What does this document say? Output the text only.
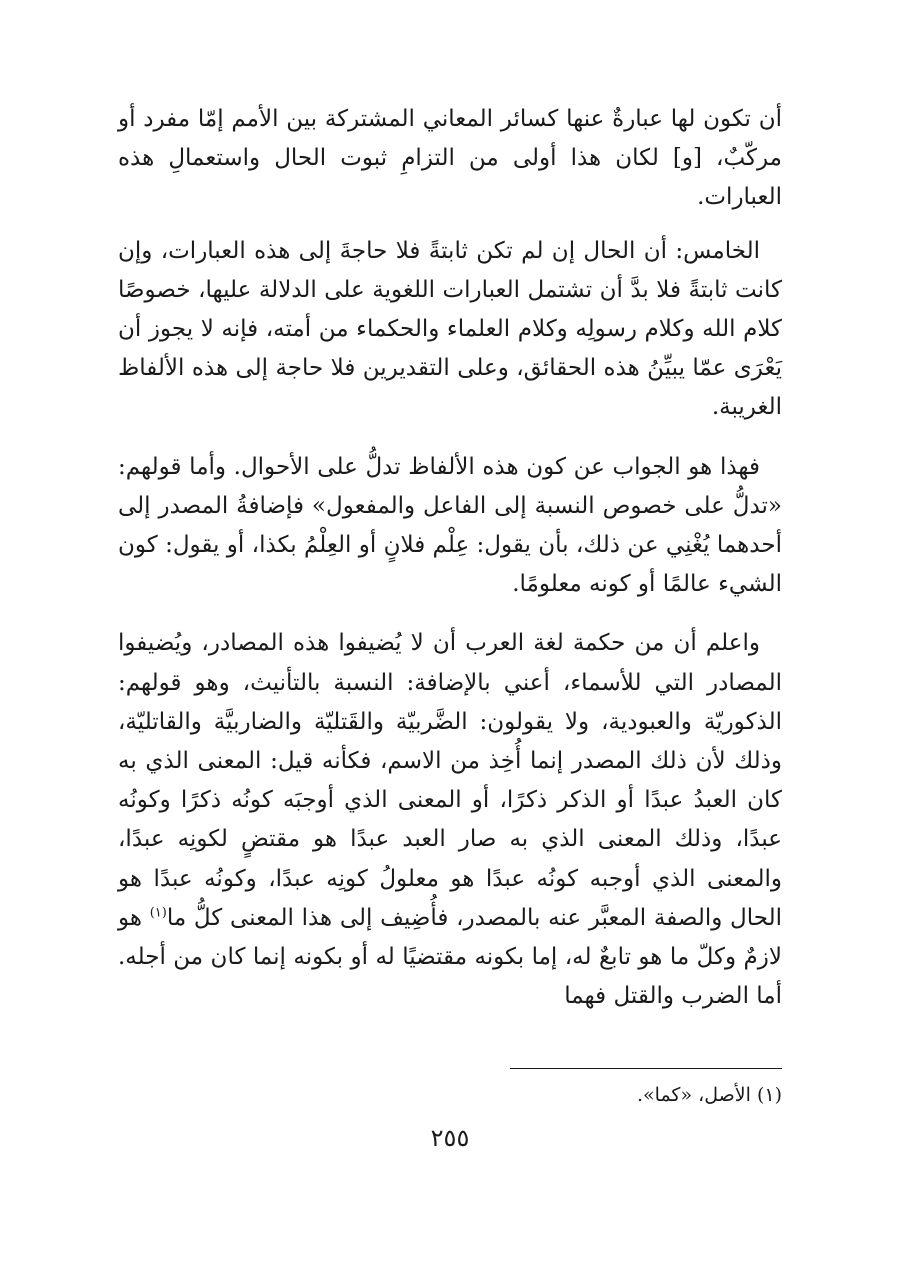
أن تكون لها عبارةٌ عنها كسائر المعاني المشتركة بين الأمم إمّا مفرد أو مركّبٌ، [و] لكان هذا أولى من التزامِ ثبوت الحال واستعمالِ هذه العبارات.

الخامس: أن الحال إن لم تكن ثابتةً فلا حاجةَ إلى هذه العبارات، وإن كانت ثابتةً فلا بدَّ أن تشتمل العبارات اللغوية على الدلالة عليها، خصوصًا كلام الله وكلام رسولِه وكلام العلماء والحكماء من أمته، فإنه لا يجوز أن يَعْرَى عمّا يبيِّنُ هذه الحقائق، وعلى التقديرين فلا حاجة إلى هذه الألفاظ الغريبة.

فهذا هو الجواب عن كون هذه الألفاظ تدلُّ على الأحوال. وأما قولهم: «تدلُّ على خصوص النسبة إلى الفاعل والمفعول» فإضافةُ المصدر إلى أحدهما يُغْنِي عن ذلك، بأن يقول: عِلْم فلانٍ أو العِلْمُ بكذا، أو يقول: كون الشيء عالمًا أو كونه معلومًا.

واعلم أن من حكمة لغة العرب أن لا يُضيفوا هذه المصادر، ويُضيفوا المصادر التي للأسماء، أعني بالإضافة: النسبة بالتأنيث، وهو قولهم: الذكوريّة والعبودية، ولا يقولون: الضَّربيّة والقَتليّة والضاربيَّة والقاتليّة، وذلك لأن ذلك المصدر إنما أُخِذ من الاسم، فكأنه قيل: المعنى الذي به كان العبدُ عبدًا أو الذكر ذكرًا، أو المعنى الذي أوجبَه كونُه ذكرًا وكونُه عبدًا، وذلك المعنى الذي به صار العبد عبدًا هو مقتضٍ لكونِه عبدًا، والمعنى الذي أوجبه كونُه عبدًا هو معلولُ كونِه عبدًا، وكونُه عبدًا هو الحال والصفة المعبَّر عنه بالمصدر، فأُضِيف إلى هذا المعنى كلُّ ما$^{(١)}$ هو لازمٌ وكلّ ما هو تابعٌ له، إما بكونه مقتضيًا له أو بكونه إنما كان من أجله. أما الضرب والقتل فهما

(١) الأصل، «كما».

٢٥٥
